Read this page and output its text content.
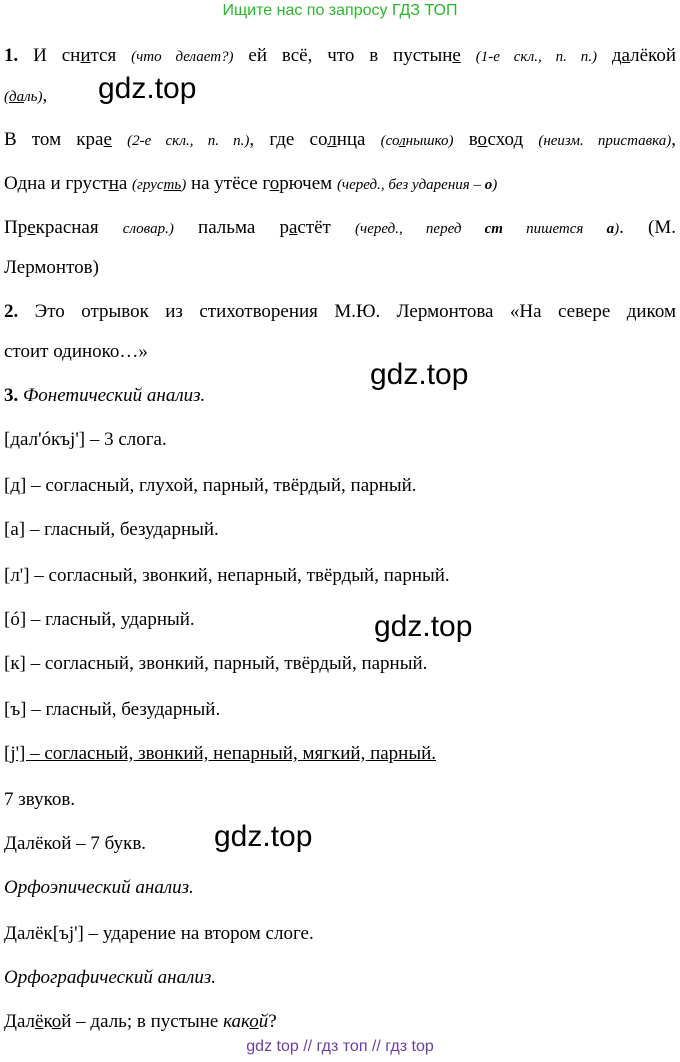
Ищите нас по запросу ГДЗ ТОП
1. И снится (что делает?) ей всё, что в пустыне (1-е скл., п. п.) далёкой
(даль), gdz.top
В том крае (2-е скл., п. п.), где солнца (солнышко) восход (неизм. приставка),
Одна и грустна (грусть) на утёсе горючем (черед., без ударения – о)
Прекрасная словар.) пальма растёт (черед., перед ст пишется а). (М.
Лермонтов)
2. Это отрывок из стихотворения М.Ю. Лермонтова «На севере диком
стоит одиноко…»
gdz.top
3. Фонетический анализ.
[дал'óкъj'] – 3 слога.
[д] – согласный, глухой, парный, твёрдый, парный.
[а] – гласный, безударный.
[л'] – согласный, звонкий, непарный, твёрдый, парный.
[ó] – гласный, ударный.	gdz.top
[к] – согласный, звонкий, парный, твёрдый, парный.
[ъ] – гласный, безударный.
[j'] – согласный, звонкий, непарный, мягкий, парный.
7 звуков.
Далёкой – 7 букв. gdz.top
Орфоэпический анализ.
Далёк[ъj'] – ударение на втором слоге.
Орфографический анализ.
Далёкой – даль; в пустыне какой?
gdz top // гдз топ // гдз top
